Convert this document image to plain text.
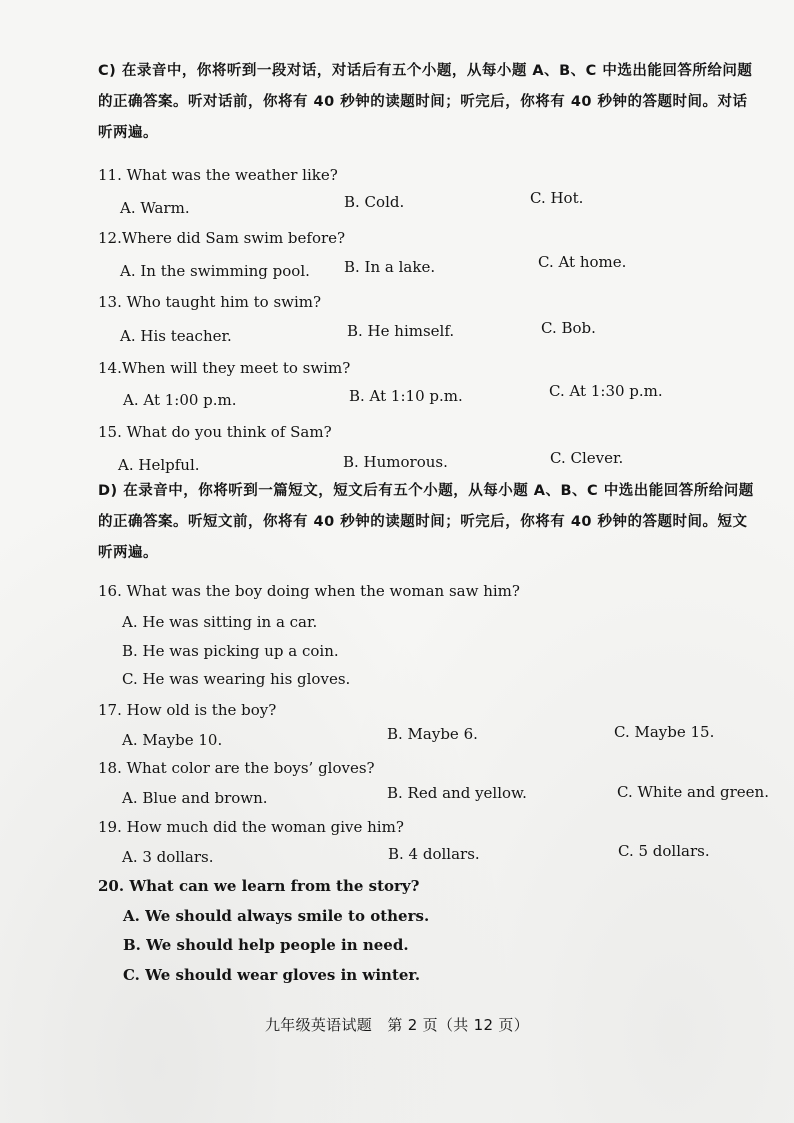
C) 在录音中，你将听到一段对话，对话后有五个小题，从每小题 A、B、C 中选出能回答所给问题的正确答案。听对话前，你将有 40 秒钟的读题时间；听完后，你将有 40 秒钟的答题时间。对话听两遍。

11. What was the weather like?

A. Warm.	B. Cold.	C. Hot.

12.Where did Sam swim before?

A. In the swimming pool. B. In a lake.	C. At home.

13. Who taught him to swim?

A. His teacher.	B. He himself.	C. Bob.

14.When will they meet to swim?

A. At 1:00 p.m.	B. At 1:10 p.m.	C. At 1:30 p.m.

15. What do you think of Sam?

A. Helpful.	B. Humorous.	C. Clever.

D) 在录音中，你将听到一篇短文，短文后有五个小题，从每小题 A、B、C 中选出能回答所给问题的正确答案。听短文前，你将有 40 秒钟的读题时间；听完后，你将有 40 秒钟的答题时间。短文听两遍。

16. What was the boy doing when the woman saw him?

A. He was sitting in a car.

B. He was picking up a coin.

C. He was wearing his gloves.

17. How old is the boy?

A. Maybe 10.	B. Maybe 6.	C. Maybe 15.

18. What color are the boys’ gloves?

A. Blue and brown.	B. Red and yellow.	C. White and green.

19. How much did the woman give him?

A. 3 dollars.	B. 4 dollars.	C. 5 dollars.

20. What can we learn from the story?

A. We should always smile to others.

B. We should help people in need.

C. We should wear gloves in winter.

九年级英语试题　第 2 页（共 12 页）
